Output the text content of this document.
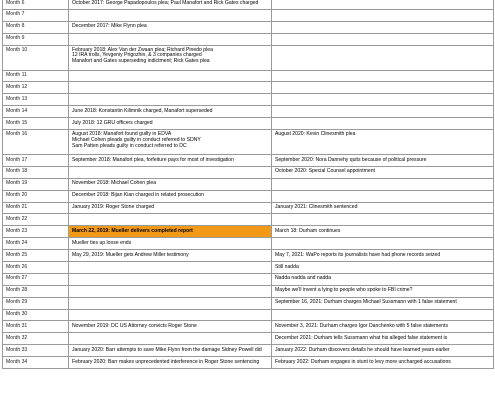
Month 6	October 2017: George Papadopoulos plea; Paul Manafort and Rick Gates charged	

Month 7		
Month 8	December 2017: Mike Flynn plea	

Month 9		
Month 10	February 2018: Alex Van der Zwaan plea; Richard Pinedo plea
12 IRA trolls, Yevgeniy Prigozhin, & 3 companies charged
Manafort and Gates superseding indictment; Rick Gates plea	

Month 11		
Month 12		
Month 13		
Month 14	June 2018: Konstantin Kilimnik charged, Manafort superseded	

Month 15	July 2018: 12 GRU officers charged	

Month 16	August 2018: Manafort found guilty in EDVA
Michael Cohen pleads guilty in conduct referred to SDNY
Sam Patten pleads guilty in conduct referred to DC	August 2020: Kevin Clinesmith plea

Month 17	September 2018: Manafort plea, forfeiture pays for most of investigation	September 2020: Nora Dannehy quits because of political pressure

Month 18		October 2020: Special Counsel appointment

Month 19	November 2018: Michael Cohen plea	

Month 20	December 2018: Bijan Kian charged in related prosecution	

Month 21	January 2019: Roger Stone charged	January 2021: Clinesmith sentenced

Month 22		
Month 23	March 22, 2019: Mueller delivers completed report	March 18: Durham continues

Month 24	Mueller ties up loose ends	

Month 25	May 29, 2019: Mueller gets Andrew Miller testimony	May 7, 2021: WaPo reports its journalists have had phone records seized

Month 26		Still nadda

Month 27		Nadda nadda and nadda

Month 28		Maybe we'll invent a lying to people who spoke to FBI crime?

Month 29		September 16, 2021: Durham charges Michael Sussmann with 1 false statement

Month 30		
Month 31	November 2019: DC US Attorney convicts Roger Stone	November 3, 2021: Durham charges Igor Danchenko with 5 false statements

Month 32		December 2021: Durham tells Sussmann what his alleged false statement is

Month 33	January 2020: Barr attempts to save Mike Flynn from the damage Sidney Powell did	January 2022: Durham discovers details he should have learned years earlier

Month 34	February 2020: Barr makes unprecedented interference in Roger Stone sentencing	February 2022: Durham engages in stunt to levy more uncharged accusations
